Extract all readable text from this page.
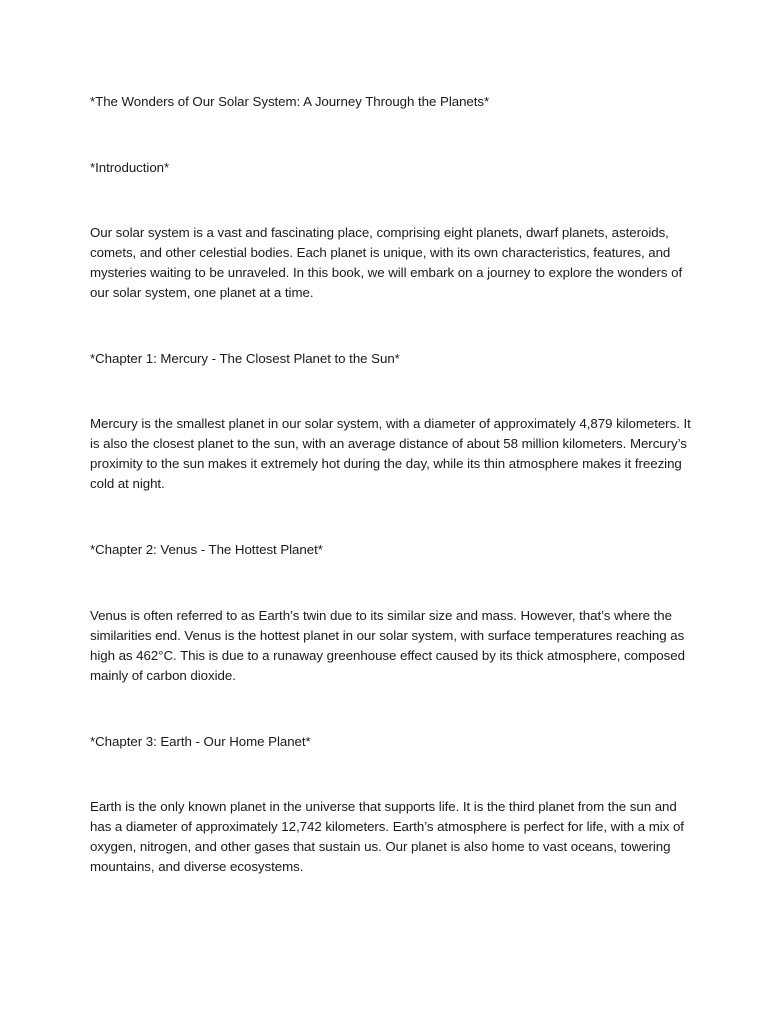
*The Wonders of Our Solar System: A Journey Through the Planets*

*Introduction*

Our solar system is a vast and fascinating place, comprising eight planets, dwarf planets, asteroids,
comets, and other celestial bodies. Each planet is unique, with its own characteristics, features, and
mysteries waiting to be unraveled. In this book, we will embark on a journey to explore the wonders of
our solar system, one planet at a time.

*Chapter 1: Mercury - The Closest Planet to the Sun*

Mercury is the smallest planet in our solar system, with a diameter of approximately 4,879 kilometers. It
is also the closest planet to the sun, with an average distance of about 58 million kilometers. Mercury’s
proximity to the sun makes it extremely hot during the day, while its thin atmosphere makes it freezing
cold at night.

*Chapter 2: Venus - The Hottest Planet*

Venus is often referred to as Earth’s twin due to its similar size and mass. However, that’s where the
similarities end. Venus is the hottest planet in our solar system, with surface temperatures reaching as
high as 462°C. This is due to a runaway greenhouse effect caused by its thick atmosphere, composed
mainly of carbon dioxide.

*Chapter 3: Earth - Our Home Planet*

Earth is the only known planet in the universe that supports life. It is the third planet from the sun and
has a diameter of approximately 12,742 kilometers. Earth’s atmosphere is perfect for life, with a mix of
oxygen, nitrogen, and other gases that sustain us. Our planet is also home to vast oceans, towering
mountains, and diverse ecosystems.
